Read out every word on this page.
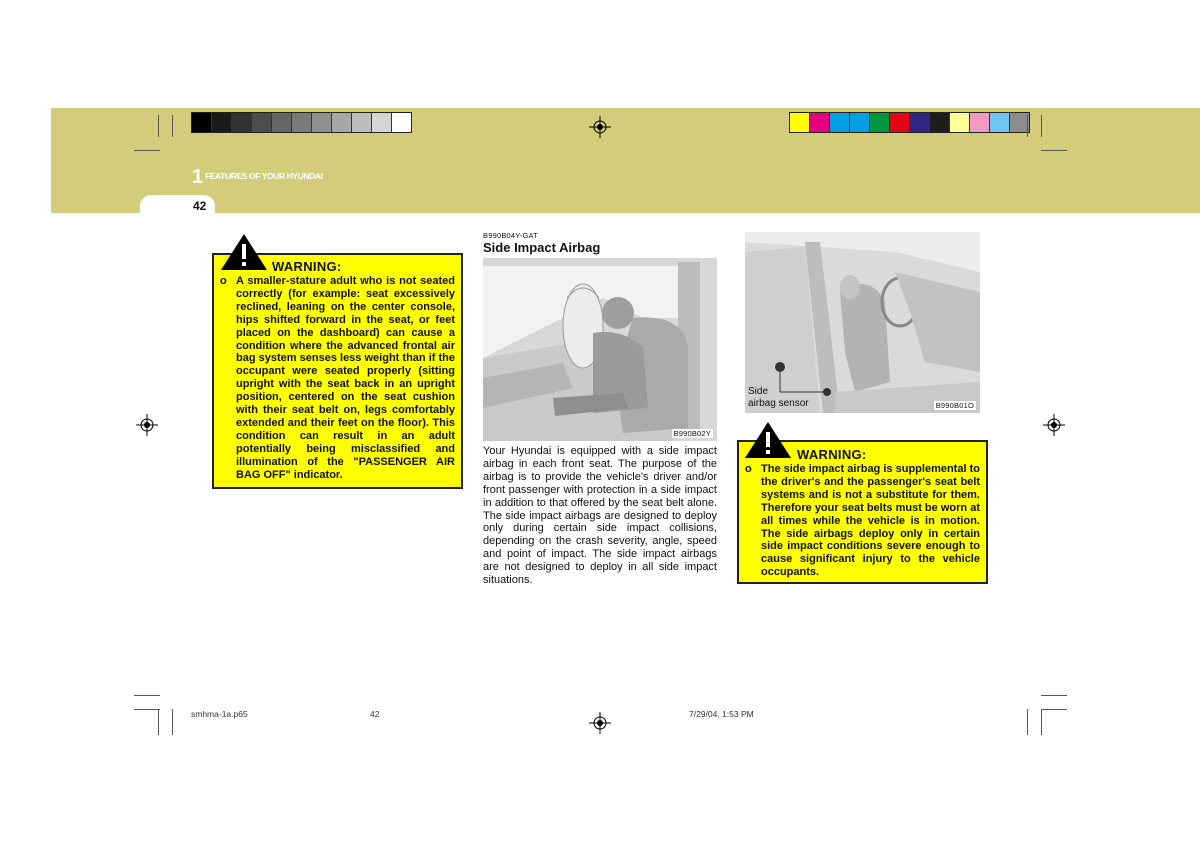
1 FEATURES OF YOUR HYUNDAI
42
WARNING:
o A smaller-stature adult who is not seated correctly (for example: seat excessively reclined, leaning on the center console, hips shifted forward in the seat, or feet placed on the dashboard) can cause a condition where the advanced frontal air bag system senses less weight than if the occupant were seated properly (sitting upright with the seat back in an upright position, centered on the seat cushion with their seat belt on, legs comfortably extended and their feet on the floor). This condition can result in an adult potentially being misclassified and illumination of the "PASSENGER AIR BAG OFF" indicator.
B990B04Y-GAT
Side Impact Airbag
B990B02Y
Your Hyundai is equipped with a side impact airbag in each front seat. The purpose of the airbag is to provide the vehicle's driver and/or front passenger with protection in a side impact in addition to that offered by the seat belt alone. The side impact airbags are designed to deploy only during certain side impact collisions, depending on the crash severity, angle, speed and point of impact. The side impact airbags are not designed to deploy in all side impact situations.
Side
airbag sensor	B990B01O
WARNING:
o The side impact airbag is supplemental to the driver's and the passenger's seat belt systems and is not a substitute for them. Therefore your seat belts must be worn at all times while the vehicle is in motion. The side airbags deploy only in certain side impact conditions severe enough to cause significant injury to the vehicle occupants.
smhma-1a.p65	42	7/29/04, 1:53 PM
